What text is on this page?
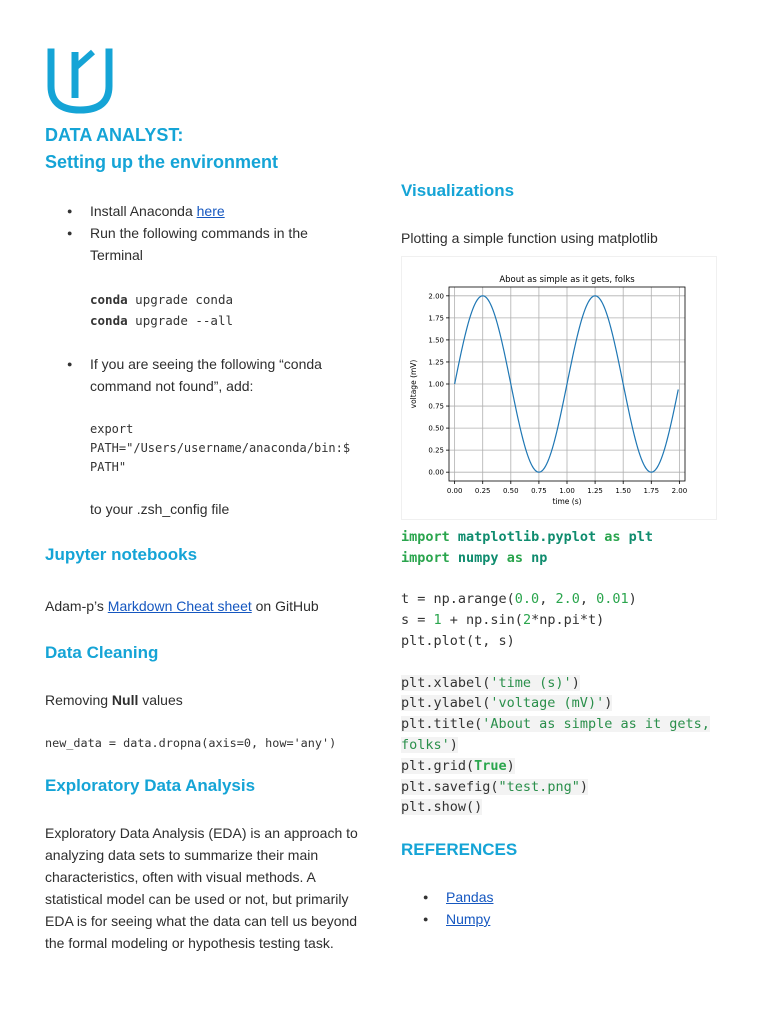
DATA ANALYST:
Setting up the environment
● Install Anaconda here
● Run the following commands in the Terminal
conda upgrade conda
conda upgrade --all
● If you are seeing the following “conda command not found”, add:
export
PATH="/Users/username/anaconda/bin:$
PATH"

to your .zsh_config file

Jupyter notebooks

Adam-p’s Markdown Cheat sheet on GitHub

Data Cleaning

Removing Null values

new_data = data.dropna(axis=0, how='any')
Exploratory Data Analysis

Exploratory Data Analysis (EDA) is an approach to analyzing data sets to summarize their main characteristics, often with visual methods. A statistical model can be used or not, but primarily EDA is for seeing what the data can tell us beyond the formal modeling or hypothesis testing task.

Visualizations

Plotting a simple function using matplotlib

0.00 0.25 0.50 0.75 1.00 1.25 1.50 1.75 2.00
0.00
0.25
0.50
0.75
1.00
1.25
1.50
1.75
2.00
About as simple as it gets, folks
time (s)
voltage (mV)
import matplotlib.pyplot as plt
import numpy as np

t = np.arange(0.0, 2.0, 0.01)
s = 1 + np.sin(2*np.pi*t)
plt.plot(t, s)

plt.xlabel('time (s)')
plt.ylabel('voltage (mV)')
plt.title('About as simple as it gets,
folks')
plt.grid(True)
plt.savefig("test.png")
plt.show()
REFERENCES
● Pandas
● Numpy
